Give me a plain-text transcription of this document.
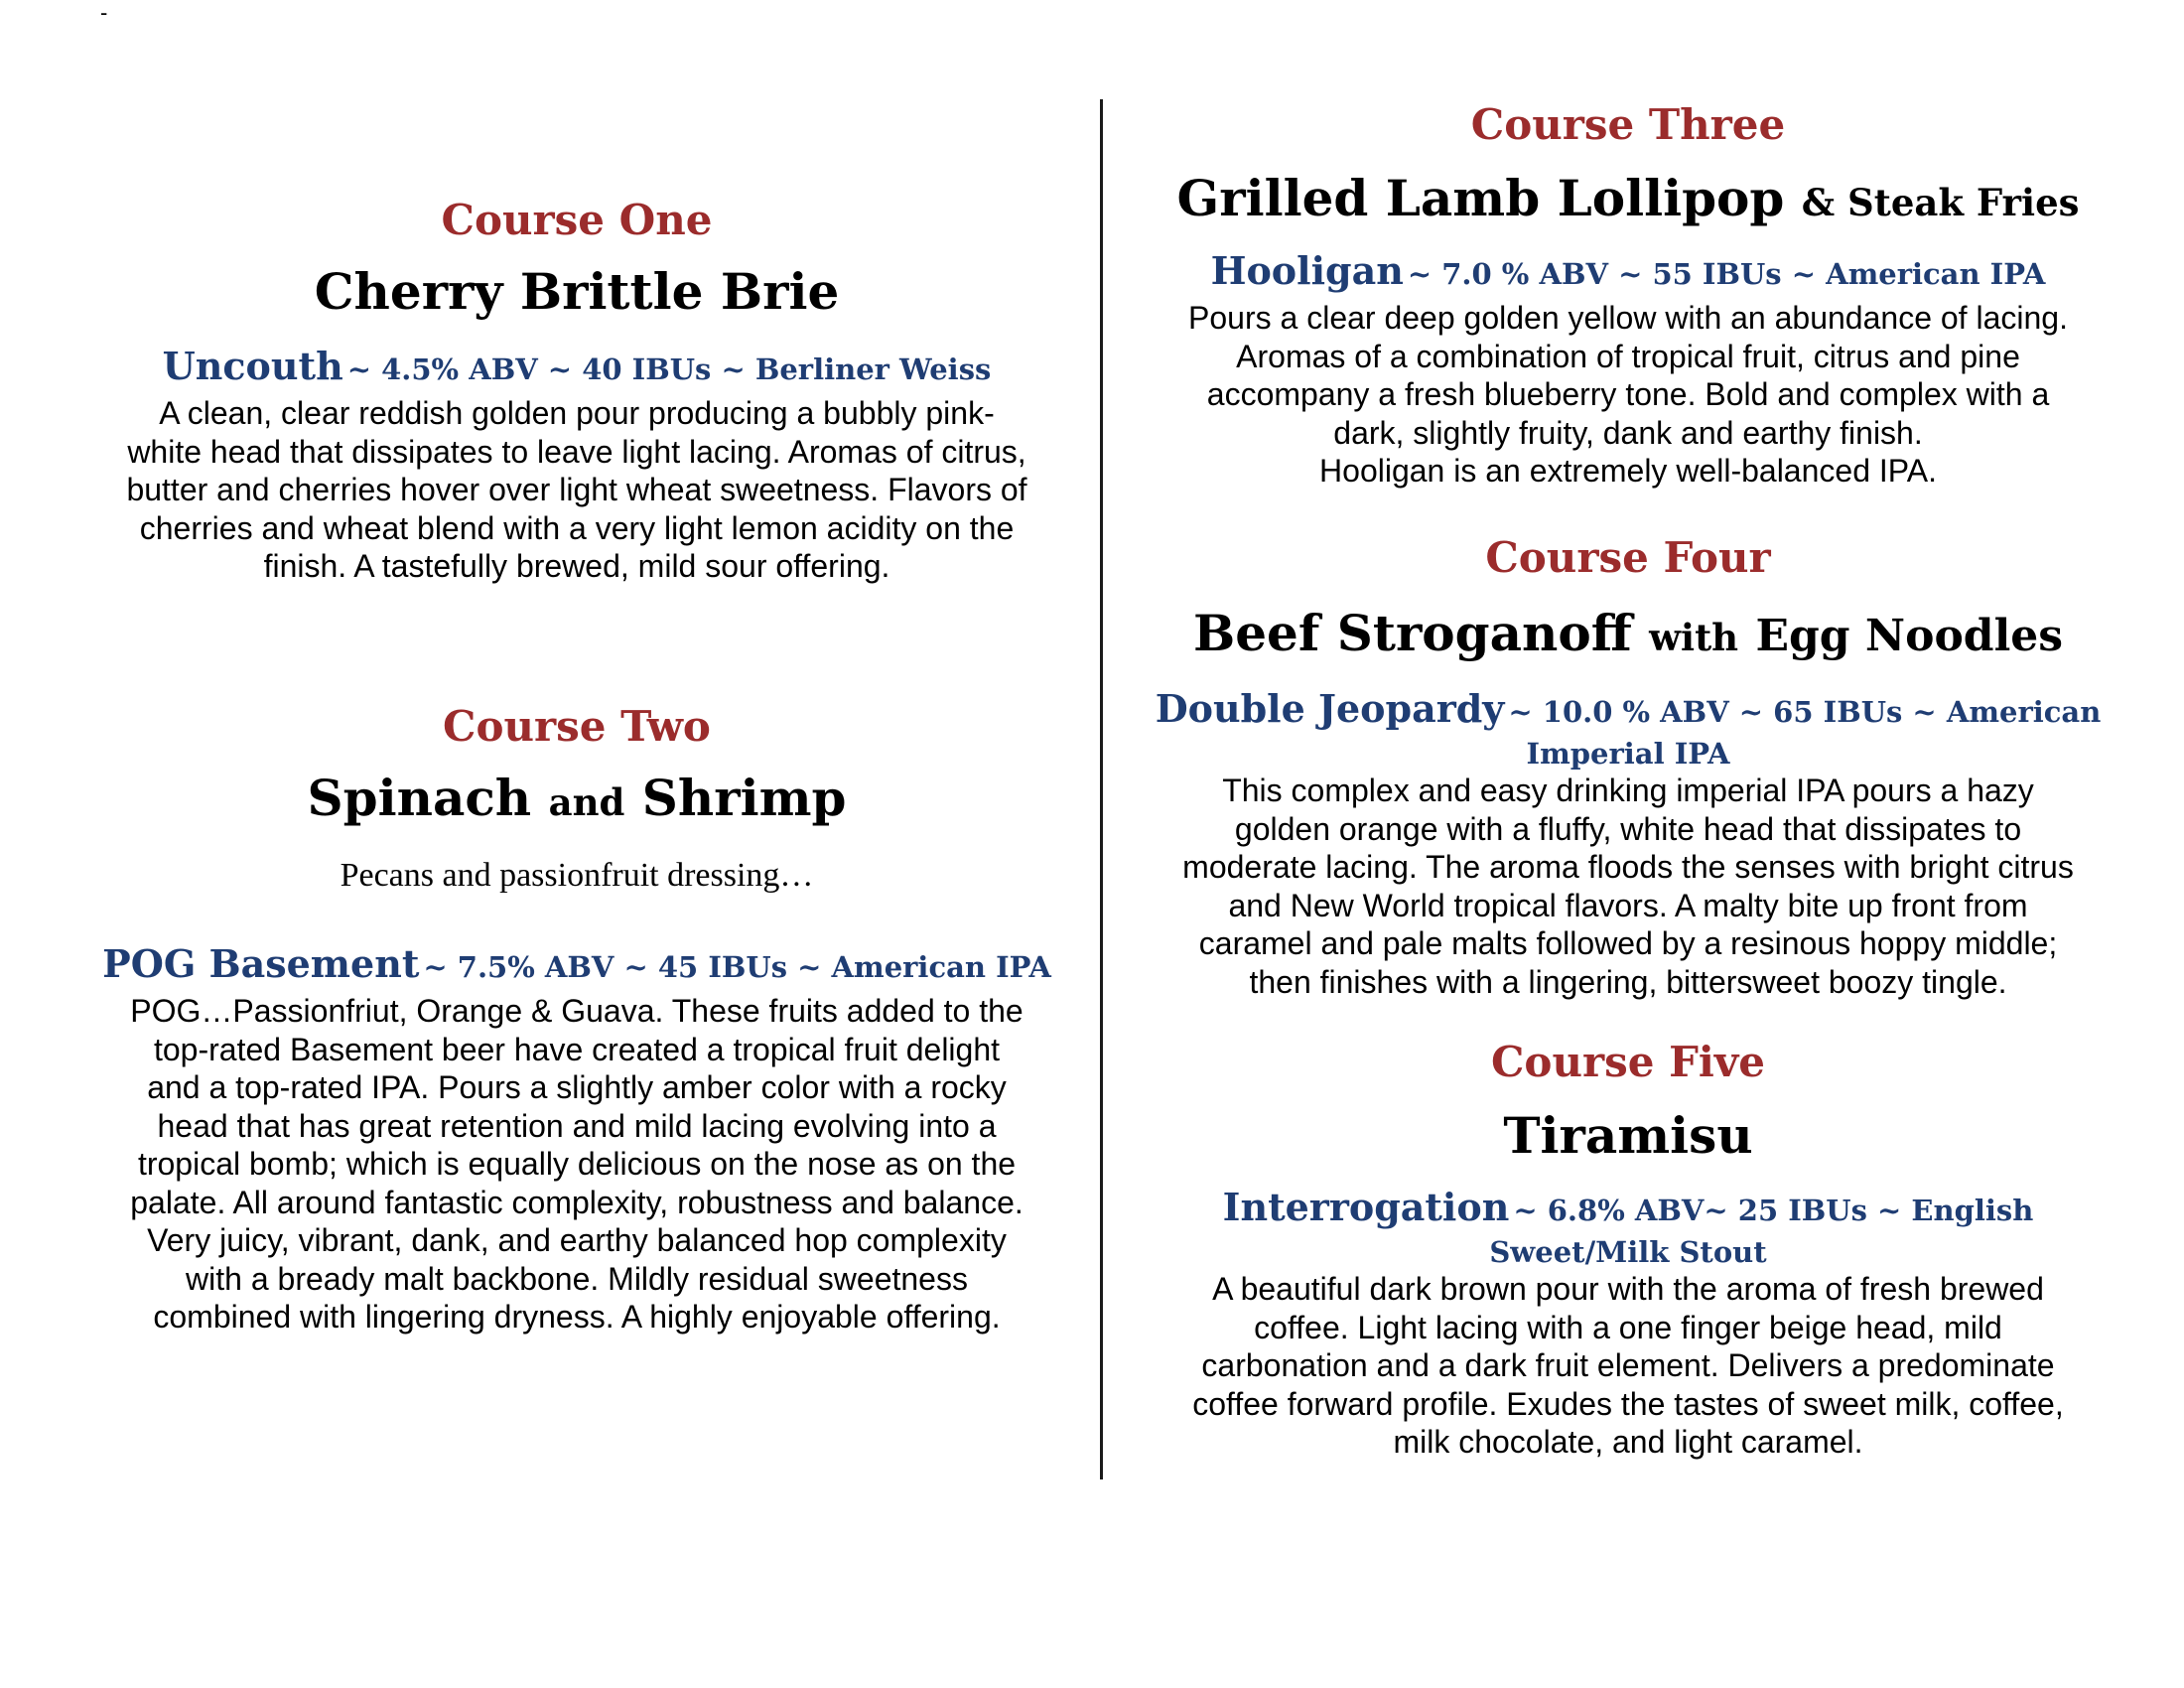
-
Course One
Cherry Brittle Brie
Uncouth ~ 4.5% ABV ~ 40 IBUs ~ Berliner Weiss

A clean, clear reddish golden pour producing a bubbly pink-
white head that dissipates to leave light lacing. Aromas of citrus,
butter and cherries hover over light wheat sweetness. Flavors of
cherries and wheat blend with a very light lemon acidity on the
finish. A tastefully brewed, mild sour offering.

Course Two
Spinach and Shrimp

Pecans and passionfruit dressing…

POG Basement ~ 7.5% ABV ~ 45 IBUs ~ American IPA

POG…Passionfriut, Orange & Guava. These fruits added to the
top-rated Basement beer have created a tropical fruit delight
and a top-rated IPA. Pours a slightly amber color with a rocky
head that has great retention and mild lacing evolving into a
tropical bomb; which is equally delicious on the nose as on the
palate. All around fantastic complexity, robustness and balance.
Very juicy, vibrant, dank, and earthy balanced hop complexity
with a bready malt backbone. Mildly residual sweetness
combined with lingering dryness. A highly enjoyable offering.

Course Three
Grilled Lamb Lollipop & Steak Fries
Hooligan ~ 7.0 % ABV ~ 55 IBUs ~ American IPA

Pours a clear deep golden yellow with an abundance of lacing.
Aromas of a combination of tropical fruit, citrus and pine
accompany a fresh blueberry tone. Bold and complex with a
dark, slightly fruity, dank and earthy finish.
Hooligan is an extremely well-balanced IPA.

Course Four
Beef Stroganoff with Egg Noodles
Double Jeopardy ~ 10.0 % ABV ~ 65 IBUs ~ American
Imperial IPA

This complex and easy drinking imperial IPA pours a hazy
golden orange with a fluffy, white head that dissipates to
moderate lacing. The aroma floods the senses with bright citrus
and New World tropical flavors. A malty bite up front from
caramel and pale malts followed by a resinous hoppy middle;
then finishes with a lingering, bittersweet boozy tingle.

Course Five
Tiramisu
Interrogation ~ 6.8% ABV~ 25 IBUs ~ English
Sweet/Milk Stout

A beautiful dark brown pour with the aroma of fresh brewed
coffee. Light lacing with a one finger beige head, mild
carbonation and a dark fruit element. Delivers a predominate
coffee forward profile. Exudes the tastes of sweet milk, coffee,
milk chocolate, and light caramel.
